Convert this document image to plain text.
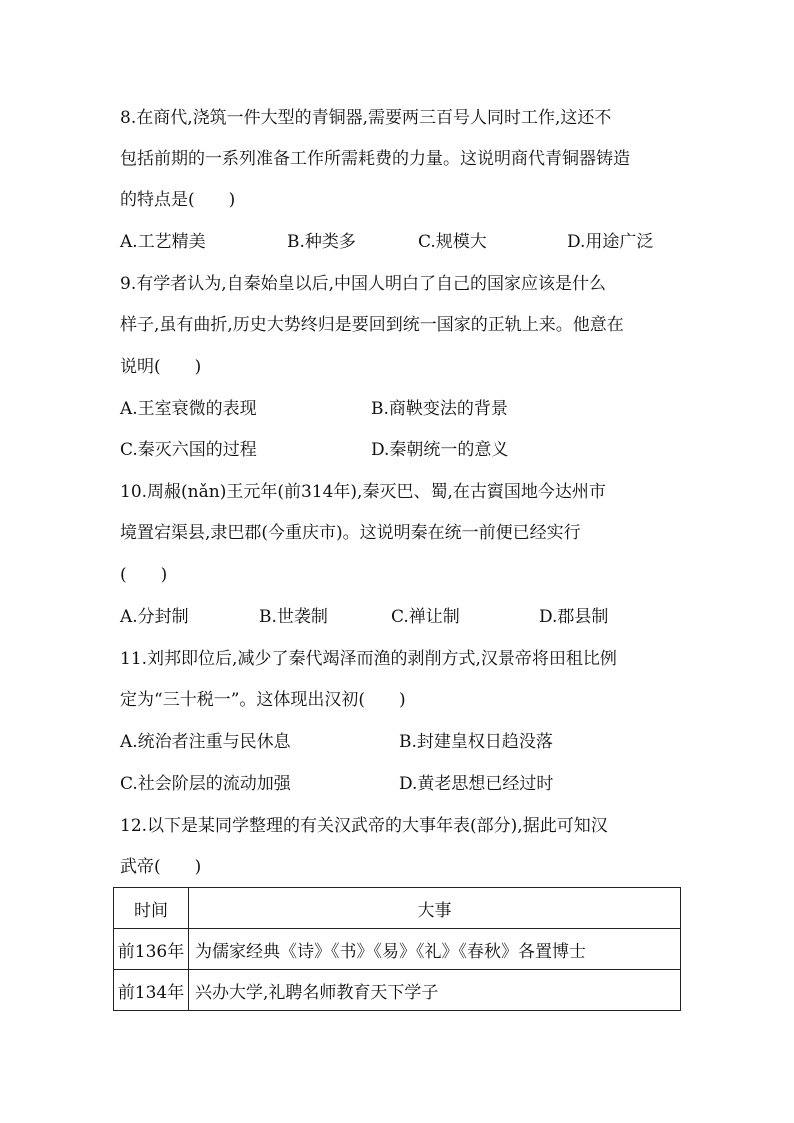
8.在商代,浇筑一件大型的青铜器,需要两三百号人同时工作,这还不
包括前期的一系列准备工作所需耗费的力量。这说明商代青铜器铸造
的特点是(　　)
A.工艺精美	B.种类多	C.规模大	D.用途广泛
9.有学者认为,自秦始皇以后,中国人明白了自己的国家应该是什么
样子,虽有曲折,历史大势终归是要回到统一国家的正轨上来。他意在
说明(　　)
A.王室衰微的表现	B.商鞅变法的背景
C.秦灭六国的过程	D.秦朝统一的意义
10.周赧(nǎn)王元年(前314年),秦灭巴、蜀,在古賨国地今达州市
境置宕渠县,隶巴郡(今重庆市)。这说明秦在统一前便已经实行
(　　)
A.分封制	B.世袭制	C.禅让制	D.郡县制
11.刘邦即位后,减少了秦代竭泽而渔的剥削方式,汉景帝将田租比例
定为“三十税一”。这体现出汉初(　　)
A.统治者注重与民休息	B.封建皇权日趋没落
C.社会阶层的流动加强	D.黄老思想已经过时
12.以下是某同学整理的有关汉武帝的大事年表(部分),据此可知汉
武帝(　　)
时间	大事
前136年	为儒家经典《诗》《书》《易》《礼》《春秋》各置博士
前134年	兴办大学,礼聘名师教育天下学子
